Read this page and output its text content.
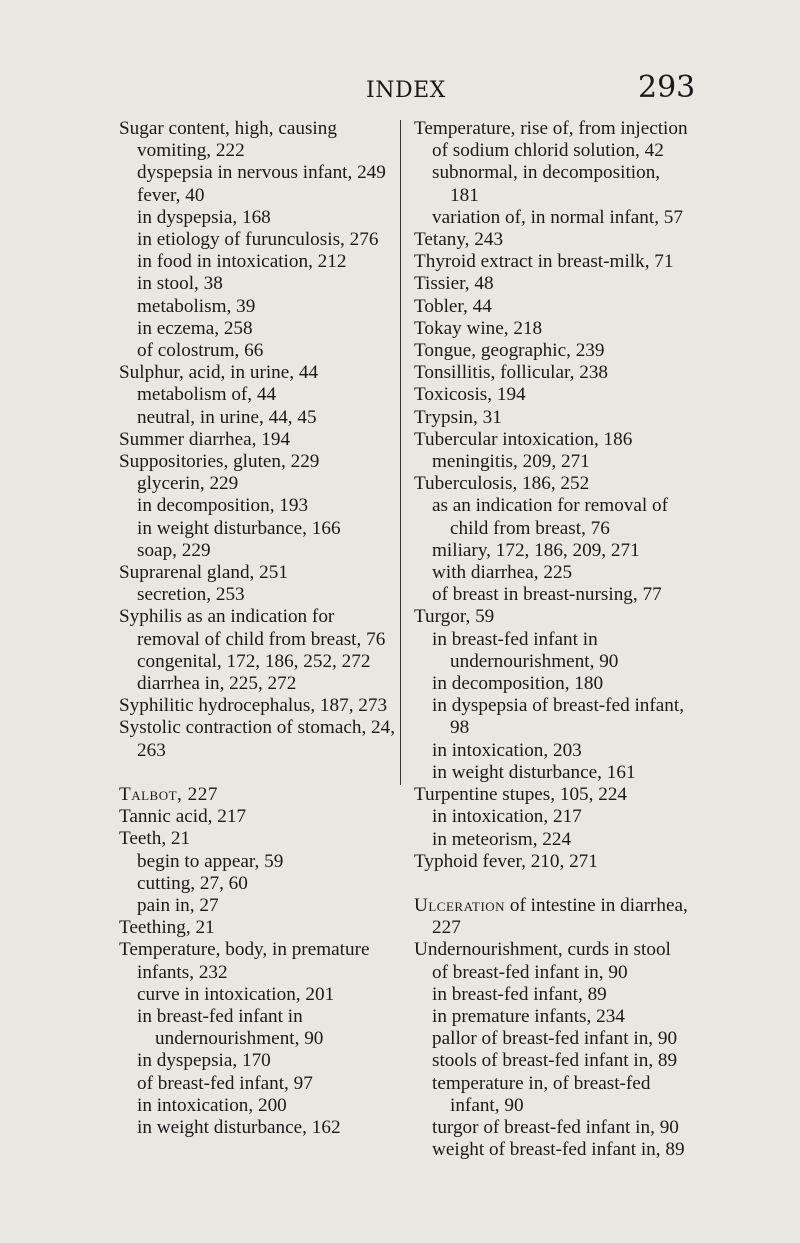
INDEX	293
Sugar content, high, causing vomiting, 222
dyspepsia in nervous infant, 249
fever, 40
in dyspepsia, 168
in etiology of furunculosis, 276
in food in intoxication, 212
in stool, 38
metabolism, 39
in eczema, 258
of colostrum, 66
Sulphur, acid, in urine, 44
metabolism of, 44
neutral, in urine, 44, 45
Summer diarrhea, 194
Suppositories, gluten, 229
glycerin, 229
in decomposition, 193
in weight disturbance, 166
soap, 229
Suprarenal gland, 251
secretion, 253
Syphilis as an indication for removal of child from breast, 76
congenital, 172, 186, 252, 272
diarrhea in, 225, 272
Syphilitic hydrocephalus, 187, 273
Systolic contraction of stomach, 24, 263
Talbot, 227
Tannic acid, 217
Teeth, 21
begin to appear, 59
cutting, 27, 60
pain in, 27
Teething, 21
Temperature, body, in premature infants, 232
curve in intoxication, 201
in breast-fed infant in undernourishment, 90
in dyspepsia, 170
of breast-fed infant, 97
in intoxication, 200
in weight disturbance, 162
Temperature, rise of, from injection of sodium chlorid solution, 42
subnormal, in decomposition, 181
variation of, in normal infant, 57
Tetany, 243
Thyroid extract in breast-milk, 71
Tissier, 48
Tobler, 44
Tokay wine, 218
Tongue, geographic, 239
Tonsillitis, follicular, 238
Toxicosis, 194
Trypsin, 31
Tubercular intoxication, 186
meningitis, 209, 271
Tuberculosis, 186, 252
as an indication for removal of child from breast, 76
miliary, 172, 186, 209, 271
with diarrhea, 225
of breast in breast-nursing, 77
Turgor, 59
in breast-fed infant in undernourishment, 90
in decomposition, 180
in dyspepsia of breast-fed infant, 98
in intoxication, 203
in weight disturbance, 161
Turpentine stupes, 105, 224
in intoxication, 217
in meteorism, 224
Typhoid fever, 210, 271
Ulceration of intestine in diarrhea, 227
Undernourishment, curds in stool of breast-fed infant in, 90
in breast-fed infant, 89
in premature infants, 234
pallor of breast-fed infant in, 90
stools of breast-fed infant in, 89
temperature in, of breast-fed infant, 90
turgor of breast-fed infant in, 90
weight of breast-fed infant in, 89
